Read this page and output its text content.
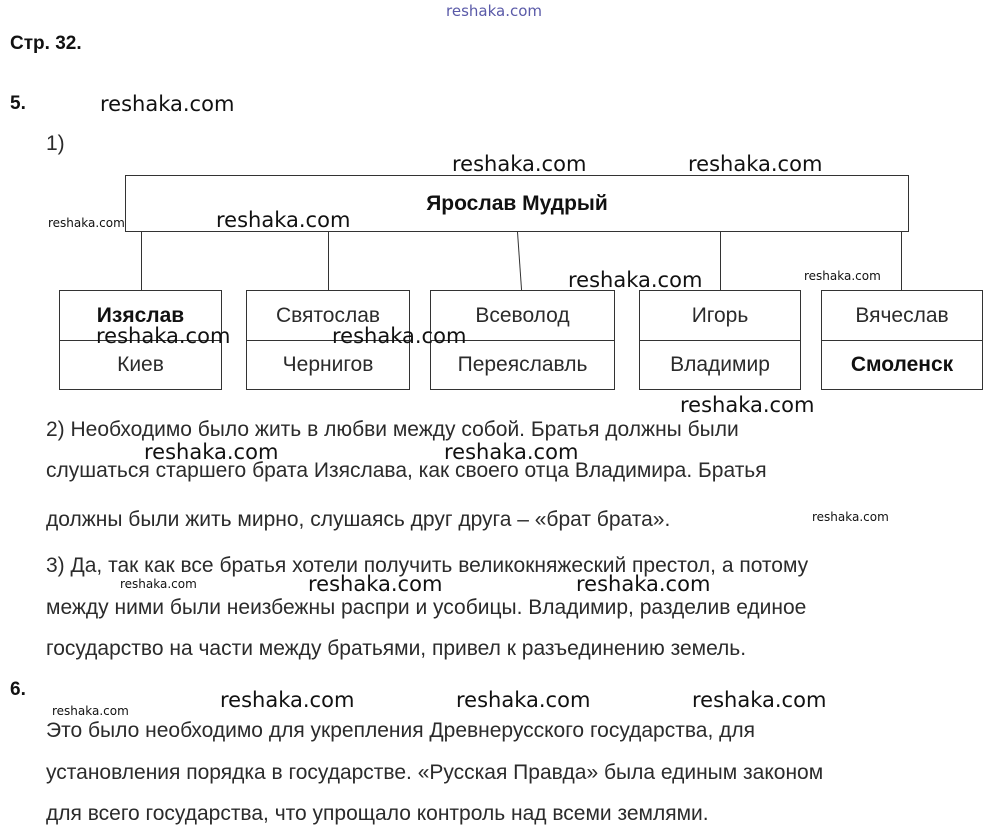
reshaka.com
Стр. 32.
5.
1)
Ярослав Мудрый
Изяслав
Киев
Святослав
Чернигов
Всеволод
Переяславль
Игорь
Владимир
Вячеслав
Смоленск
2) Необходимо было жить в любви между собой. Братья должны были
слушаться старшего брата Изяслава, как своего отца Владимира. Братья
должны были жить мирно, слушаясь друг друга – «брат брата».
3) Да, так как все братья хотели получить великокняжеский престол, а потому
между ними были неизбежны распри и усобицы. Владимир, разделив единое
государство на части между братьями, привел к разъединению земель.
6.
Это было необходимо для укрепления Древнерусского государства, для
установления порядка в государстве. «Русская Правда» была единым законом
для всего государства, что упрощало контроль над всеми землями.
reshaka.com
reshaka.com	reshaka.com
reshaka.com	reshaka.com
reshaka.com	reshaka.com
reshaka.com	reshaka.com
reshaka.com
reshaka.com	reshaka.com
reshaka.com
reshaka.com	reshaka.com	reshaka.com
reshaka.com	reshaka.com	reshaka.com	reshaka.com
